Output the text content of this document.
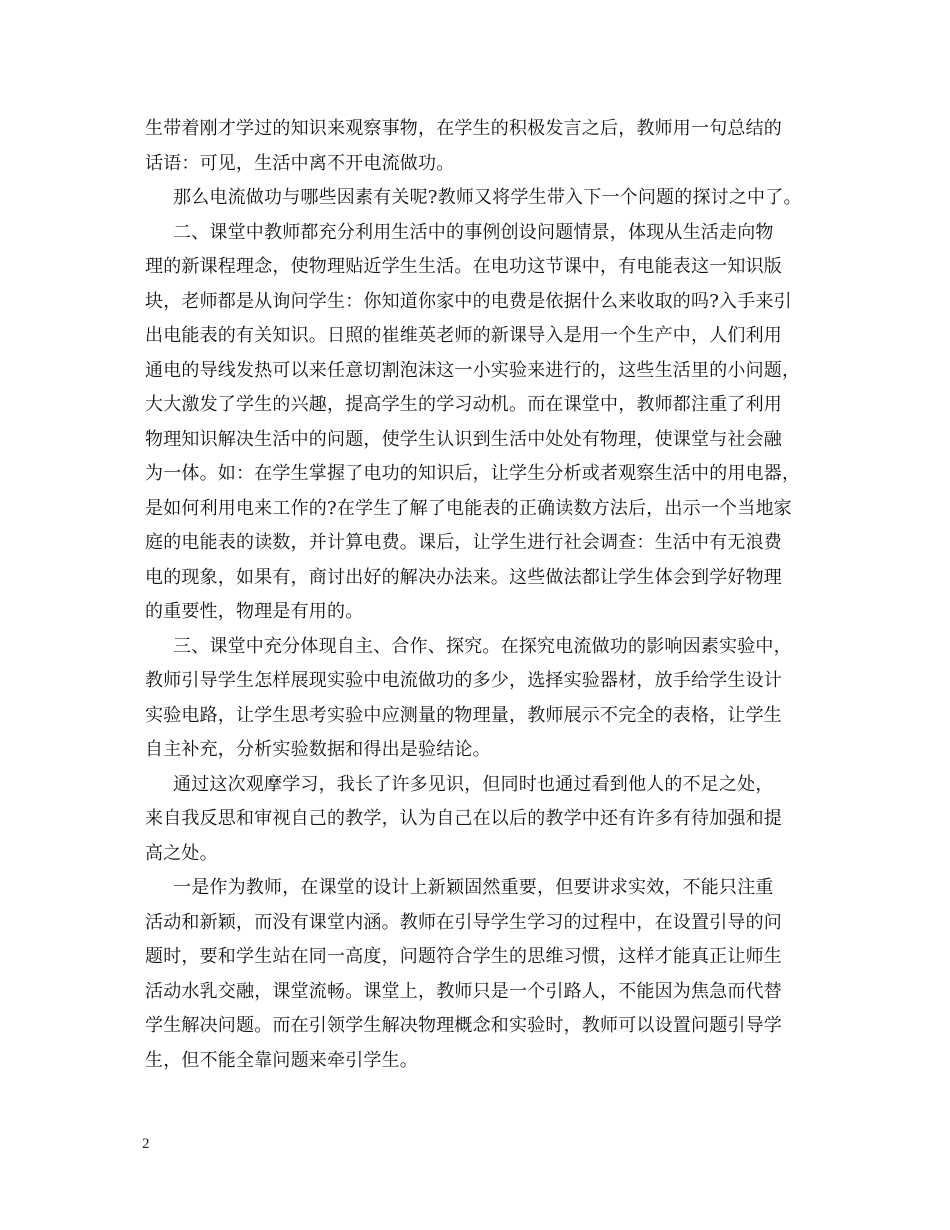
生带着刚才学过的知识来观察事物，在学生的积极发言之后，教师用一句总结的
话语：可见，生活中离不开电流做功。
那么电流做功与哪些因素有关呢?教师又将学生带入下一个问题的探讨之中了。
二、课堂中教师都充分利用生活中的事例创设问题情景，体现从生活走向物
理的新课程理念，使物理贴近学生生活。在电功这节课中，有电能表这一知识版
块，老师都是从询问学生：你知道你家中的电费是依据什么来收取的吗?入手来引
出电能表的有关知识。日照的崔维英老师的新课导入是用一个生产中，人们利用
通电的导线发热可以来任意切割泡沫这一小实验来进行的，这些生活里的小问题，
大大激发了学生的兴趣，提高学生的学习动机。而在课堂中，教师都注重了利用
物理知识解决生活中的问题，使学生认识到生活中处处有物理，使课堂与社会融
为一体。如：在学生掌握了电功的知识后，让学生分析或者观察生活中的用电器，
是如何利用电来工作的?在学生了解了电能表的正确读数方法后，出示一个当地家
庭的电能表的读数，并计算电费。课后，让学生进行社会调查：生活中有无浪费
电的现象，如果有，商讨出好的解决办法来。这些做法都让学生体会到学好物理
的重要性，物理是有用的。
三、课堂中充分体现自主、合作、探究。在探究电流做功的影响因素实验中，
教师引导学生怎样展现实验中电流做功的多少，选择实验器材，放手给学生设计
实验电路，让学生思考实验中应测量的物理量，教师展示不完全的表格，让学生
自主补充，分析实验数据和得出是验结论。
通过这次观摩学习，我长了许多见识，但同时也通过看到他人的不足之处，
来自我反思和审视自己的教学，认为自己在以后的教学中还有许多有待加强和提
高之处。
一是作为教师，在课堂的设计上新颖固然重要，但要讲求实效，不能只注重
活动和新颖，而没有课堂内涵。教师在引导学生学习的过程中，在设置引导的问
题时，要和学生站在同一高度，问题符合学生的思维习惯，这样才能真正让师生
活动水乳交融，课堂流畅。课堂上，教师只是一个引路人，不能因为焦急而代替
学生解决问题。而在引领学生解决物理概念和实验时，教师可以设置问题引导学
生，但不能全靠问题来牵引学生。
2
